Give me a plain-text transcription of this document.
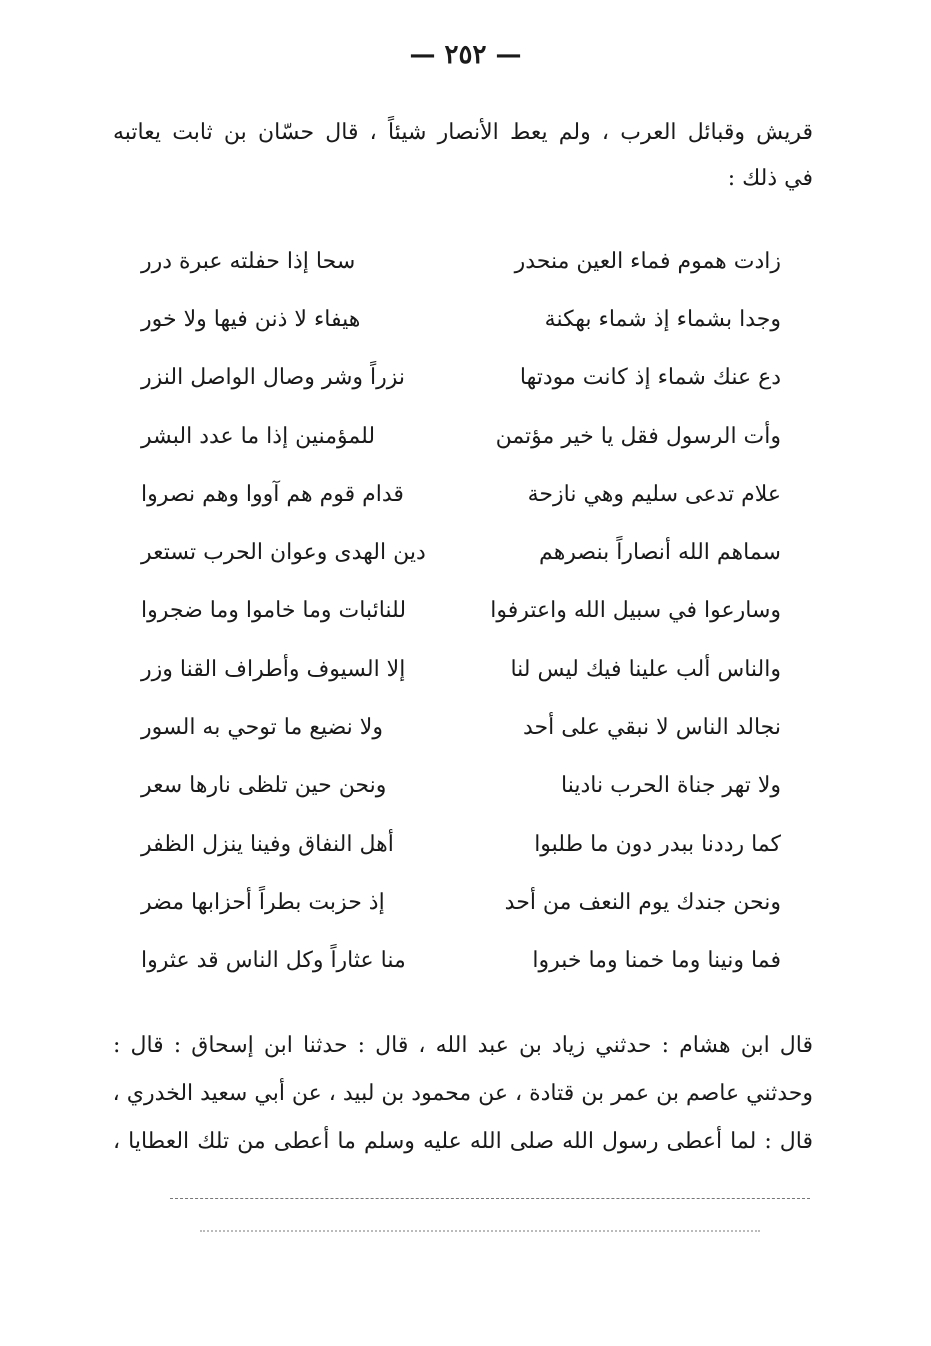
— ٢٥٢ —
قريش وقبائل العرب ، ولم يعط الأنصار شيئاً ، قال حسّان بن ثابت يعاتبه
في ذلك :
زادت هموم فماء العين منحدر
سحا إذا حفلته عبرة درر
وجدا بشماء إذ شماء بهكنة
هيفاء لا ذنن فيها ولا خور
دع عنك شماء إذ كانت مودتها
نزراً وشر وصال الواصل النزر
وأت الرسول فقل يا خير مؤتمن
للمؤمنين إذا ما عدد البشر
علام تدعى سليم وهي نازحة
قدام قوم هم آووا وهم نصروا
سماهم الله أنصاراً بنصرهم
دين الهدى وعوان الحرب تستعر
وسارعوا في سبيل الله واعترفوا
للنائبات وما خاموا وما ضجروا
والناس ألب علينا فيك ليس لنا
إلا السيوف وأطراف القنا وزر
نجالد الناس لا نبقي على أحد
ولا نضيع ما توحي به السور
ولا تهر جناة الحرب نادينا
ونحن حين تلظى نارها سعر
كما رددنا ببدر دون ما طلبوا
أهل النفاق وفينا ينزل الظفر
ونحن جندك يوم النعف من أحد
إذ حزبت بطراً أحزابها مضر
فما ونينا وما خمنا وما خبروا
منا عثاراً وكل الناس قد عثروا
قال ابن هشام : حدثني زياد بن عبد الله ، قال : حدثنا ابن إسحاق : قال :
وحدثني عاصم بن عمر بن قتادة ، عن محمود بن لبيد ، عن أبي سعيد الخدري ،
قال : لما أعطى رسول الله صلى الله عليه وسلم ما أعطى من تلك العطايا ،
